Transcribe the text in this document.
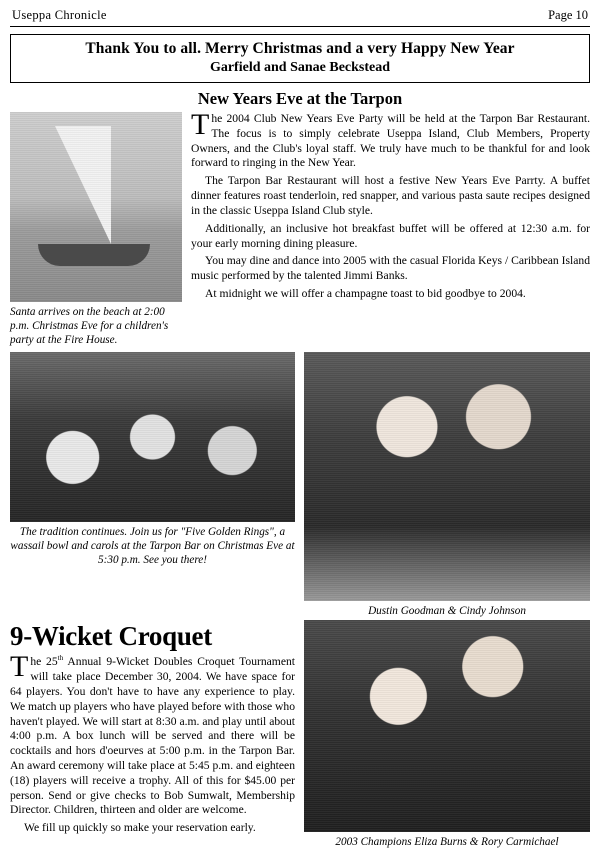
Useppa Chronicle	Page 10
Thank You to all. Merry Christmas and a very Happy New Year
Garfield and Sanae Beckstead
New Years Eve at the Tarpon
Santa arrives on the beach at 2:00 p.m. Christmas Eve for a children's party at the Fire House.

The 2004 Club New Years Eve Party will be held at the Tarpon Bar Restaurant. The focus is to simply celebrate Useppa Island, Club Members, Property Owners, and the Club's loyal staff. We truly have much to be thankful for and look forward to ringing in the New Year.

The Tarpon Bar Restaurant will host a festive New Years Eve Parrty. A buffet dinner features roast tenderloin, red snapper, and various pasta saute recipes designed in the classic Useppa Island Club style.

Additionally, an inclusive hot breakfast buffet will be offered at 12:30 a.m. for your early morning dining pleasure.

You may dine and dance into 2005 with the casual Florida Keys / Caribbean Island music performed by the talented Jimmi Banks.

At midnight we will offer a champagne toast to bid goodbye to 2004.

The tradition continues. Join us for "Five Golden Rings", a wassail bowl and carols at the Tarpon Bar on Christmas Eve at 5:30 p.m. See you there!
Dustin Goodman & Cindy Johnson
9-Wicket Croquet

The 25th Annual 9-Wicket Doubles Croquet Tournament will take place December 30, 2004. We have space for 64 players. You don't have to have any experience to play. We match up players who have played before with those who haven't played. We will start at 8:30 a.m. and play until about 4:00 p.m. A box lunch will be served and there will be cocktails and hors d'oeurves at 5:00 p.m. in the Tarpon Bar. An award ceremony will take place at 5:45 p.m. and eighteen (18) players will receive a trophy. All of this for $45.00 per person. Send or give checks to Bob Sumwalt, Membership Director. Children, thirteen and older are welcome.

We fill up quickly so make your reservation early.

2003 Champions Eliza Burns & Rory Carmichael
